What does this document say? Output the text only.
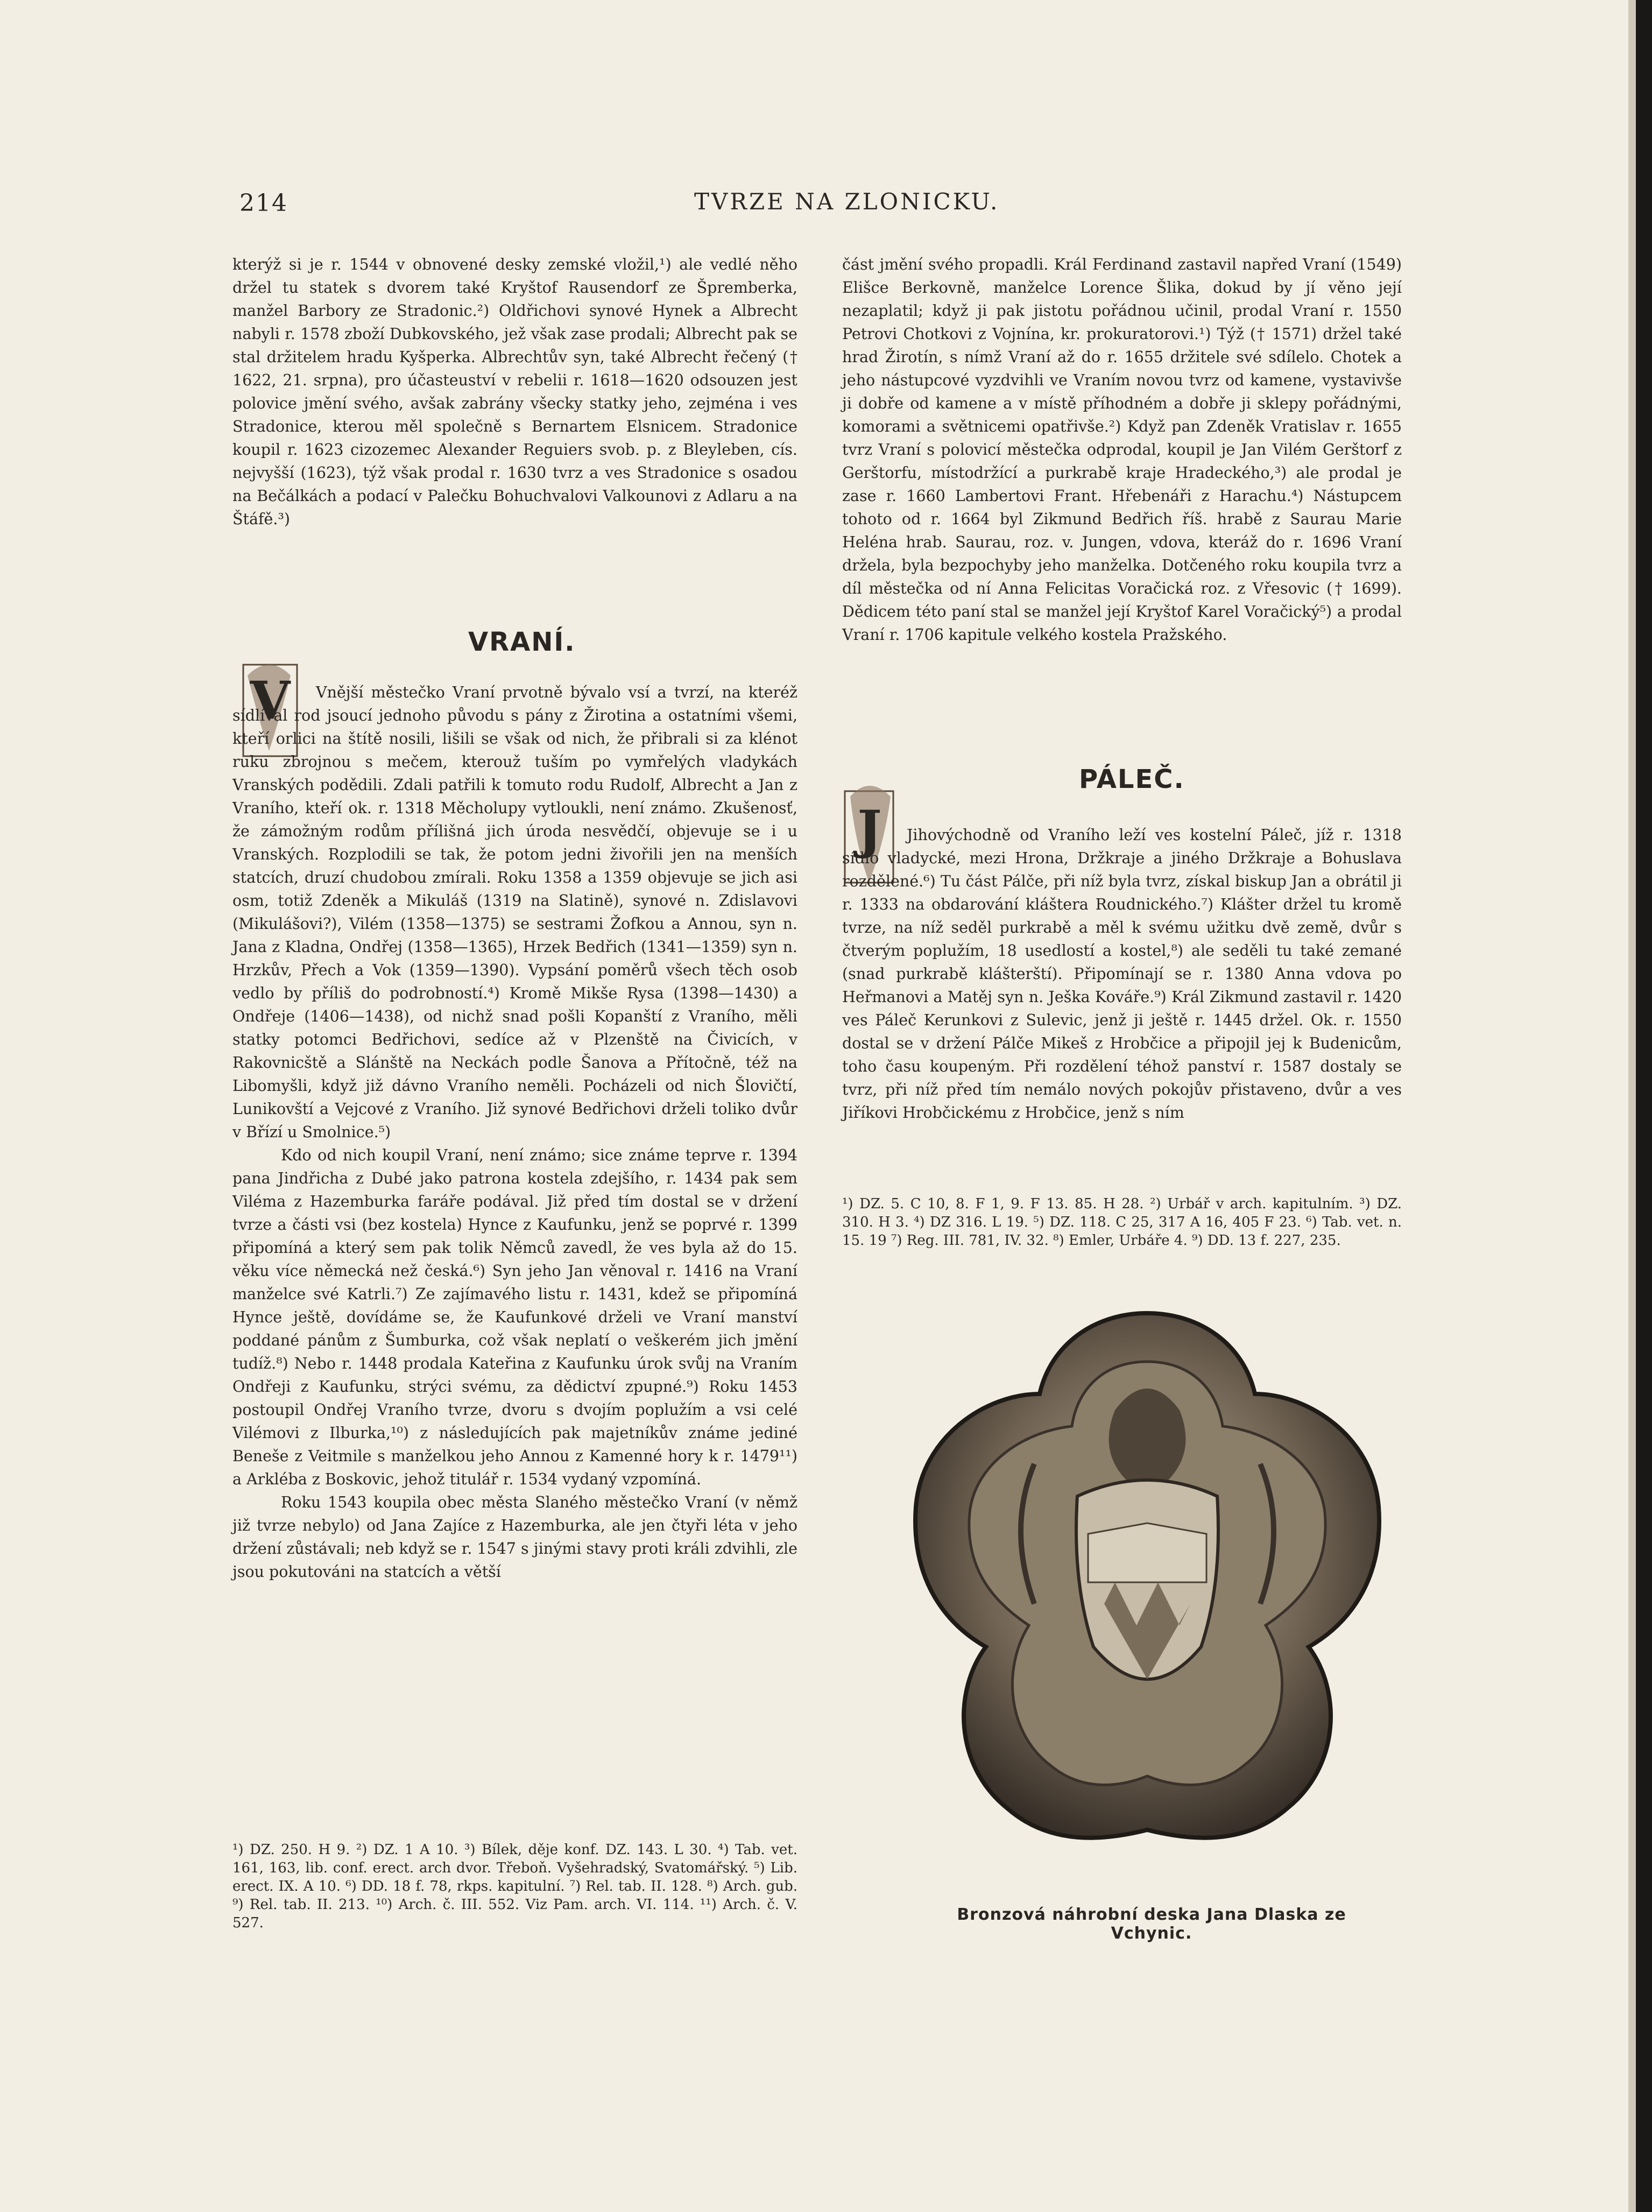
214	TVRZE NA ZLONICKU.

kterýž si je r. 1544 v obnovené desky zemské vložil,¹) ale vedlé něho držel tu statek s dvorem také Kryštof Rausendorf ze Špremberka, manžel Barbory ze Stradonic.²) Oldřichovi synové Hynek a Albrecht nabyli r. 1578 zboží Dubkovského, jež však zase prodali; Albrecht pak se stal držitelem hradu Kyšperka. Albrechtův syn, také Albrecht řečený († 1622, 21. srpna), pro účasteuství v rebelii r. 1618—1620 odsouzen jest polovice jmění svého, avšak zabrány všecky statky jeho, zejména i ves Stradonice, kterou měl společně s Bernartem Elsnicem. Stradonice koupil r. 1623 cizozemec Alexander Reguiers svob. p. z Bleyleben, cís. nejvyšší (1623), týž však prodal r. 1630 tvrz a ves Stradonice s osadou na Bečálkách a podací v Palečku Bohuchvalovi Valkounovi z Adlaru a na Štáfě.³)

VRANÍ.
V	Vnější městečko Vraní prvotně bývalo vsí a tvrzí, na kteréž sídlíval rod jsoucí jednoho původu s pány z Žirotina a ostatními všemi, kteří orlici na štítě nosili, lišili se však od nich, že přibrali si za klénot ruku zbrojnou s mečem, kterouž tuším po vymřelých vladykách Vranských podědili. Zdali patřili k tomuto rodu Rudolf, Albrecht a Jan z Vraního, kteří ok. r. 1318 Měcholupy vytloukli, není známo. Zkušenosť, že zámožným rodům přílišná jich úroda nesvědčí, objevuje se i u Vranských. Rozplodili se tak, že potom jedni živořili jen na menších statcích, druzí chudobou zmírali. Roku 1358 a 1359 objevuje se jich asi osm, totiž Zdeněk a Mikuláš (1319 na Slatině), synové n. Zdislavovi (Mikulášovi?), Vilém (1358—1375) se sestrami Žofkou a Annou, syn n. Jana z Kladna, Ondřej (1358—1365), Hrzek Bedřich (1341—1359) syn n. Hrzkův, Přech a Vok (1359—1390). Vypsání poměrů všech těch osob vedlo by příliš do podrobností.⁴) Kromě Mikše Rysa (1398—1430) a Ondřeje (1406—1438), od nichž snad pošli Kopanští z Vraního, měli statky potomci Bedřichovi, sedíce až v Plzenště na Čivicích, v Rakovnicště a Slánště na Neckách podle Šanova a Přítočně, též na Libomyšli, když již dávno Vraního neměli. Pocházeli od nich Šlovičtí, Lunikovští a Vejcové z Vraního. Již synové Bedřichovi drželi toliko dvůr v Břízí u Smolnice.⁵)

Kdo od nich koupil Vraní, není známo; sice známe teprve r. 1394 pana Jindřicha z Dubé jako patrona kostela zdejšího, r. 1434 pak sem Viléma z Hazemburka faráře podával. Již před tím dostal se v držení tvrze a části vsi (bez kostela) Hynce z Kaufunku, jenž se poprvé r. 1399 připomíná a který sem pak tolik Němců zavedl, že ves byla až do 15. věku více německá než česká.⁶) Syn jeho Jan věnoval r. 1416 na Vraní manželce své Katrli.⁷) Ze zajímavého listu r. 1431, kdež se připomíná Hynce ještě, dovídáme se, že Kaufunkové drželi ve Vraní manství poddané pánům z Šumburka, což však neplatí o veškerém jich jmění tudíž.⁸) Nebo r. 1448 prodala Kateřina z Kaufunku úrok svůj na Vraním Ondřeji z Kaufunku, strýci svému, za dědictví zpupné.⁹) Roku 1453 postoupil Ondřej Vraního tvrze, dvoru s dvojím poplužím a vsi celé Vilémovi z Ilburka,¹⁰) z následujících pak majetníkův známe jediné Beneše z Veitmile s manželkou jeho Annou z Kamenné hory k r. 1479¹¹) a Arkléba z Boskovic, jehož titulář r. 1534 vydaný vzpomíná.

Roku 1543 koupila obec města Slaného městečko Vraní (v němž již tvrze nebylo) od Jana Zajíce z Hazemburka, ale jen čtyři léta v jeho držení zůstávali; neb když se r. 1547 s jinými stavy proti králi zdvihli, zle jsou pokutováni na statcích a větší

¹) DZ. 250. H 9. ²) DZ. 1 A 10. ³) Bílek, děje konf. DZ. 143. L 30. ⁴) Tab. vet. 161, 163, lib. conf. erect. arch dvor. Třeboň. Vyšehradský, Svatomářský. ⁵) Lib. erect. IX. A 10. ⁶) DD. 18 f. 78, rkps. kapitulní. ⁷) Rel. tab. II. 128. ⁸) Arch. gub. ⁹) Rel. tab. II. 213. ¹⁰) Arch. č. III. 552. Viz Pam. arch. VI. 114. ¹¹) Arch. č. V. 527.

část jmění svého propadli. Král Ferdinand zastavil napřed Vraní (1549) Elišce Berkovně, manželce Lorence Šlika, dokud by jí věno její nezaplatil; když ji pak jistotu pořádnou učinil, prodal Vraní r. 1550 Petrovi Chotkovi z Vojnína, kr. prokuratorovi.¹) Týž († 1571) držel také hrad Žirotín, s nímž Vraní až do r. 1655 držitele své sdílelo. Chotek a jeho nástupcové vyzdvihli ve Vraním novou tvrz od kamene, vystavivše ji dobře od kamene a v místě příhodném a dobře ji sklepy pořádnými, komorami a světnicemi opatřivše.²) Když pan Zdeněk Vratislav r. 1655 tvrz Vraní s polovicí městečka odprodal, koupil je Jan Vilém Gerštorf z Gerštorfu, místodržící a purkrabě kraje Hradeckého,³) ale prodal je zase r. 1660 Lambertovi Frant. Hřebenáři z Harachu.⁴) Nástupcem tohoto od r. 1664 byl Zikmund Bedřich říš. hrabě z Saurau Marie Heléna hrab. Saurau, roz. v. Jungen, vdova, kteráž do r. 1696 Vraní držela, byla bezpochyby jeho manželka. Dotčeného roku koupila tvrz a díl městečka od ní Anna Felicitas Voračická roz. z Vřesovic († 1699). Dědicem této paní stal se manžel její Kryštof Karel Voračický⁵) a prodal Vraní r. 1706 kapitule velkého kostela Pražského.

PÁLEČ.
J	Jihovýchodně od Vraního leží ves kostelní Páleč, jíž r. 1318 sídlo vladycké, mezi Hrona, Držkraje a jiného Držkraje a Bohuslava rozdělené.⁶) Tu část Pálče, při níž byla tvrz, získal biskup Jan a obrátil ji r. 1333 na obdarování kláštera Roudnického.⁷) Klášter držel tu kromě tvrze, na níž seděl purkrabě a měl k svému užitku dvě země, dvůr s čtverým poplužím, 18 usedlostí a kostel,⁸) ale seděli tu také zemané (snad purkrabě klášterští). Připomínají se r. 1380 Anna vdova po Heřmanovi a Matěj syn n. Ješka Kováře.⁹) Král Zikmund zastavil r. 1420 ves Páleč Kerunkovi z Sulevic, jenž ji ještě r. 1445 držel. Ok. r. 1550 dostal se v držení Pálče Mikeš z Hrobčice a připojil jej k Budenicům, toho času koupeným. Při rozdělení téhož panství r. 1587 dostaly se tvrz, při níž před tím nemálo nových pokojův přistaveno, dvůr a ves Jiříkovi Hrobčickému z Hrobčice, jenž s ním

¹) DZ. 5. C 10, 8. F 1, 9. F 13. 85. H 28. ²) Urbář v arch. kapitulním. ³) DZ. 310. H 3. ⁴) DZ 316. L 19. ⁵) DZ. 118. C 25, 317 A 16, 405 F 23. ⁶) Tab. vet. n. 15. 19 ⁷) Reg. III. 781, IV. 32. ⁸) Emler, Urbáře 4. ⁹) DD. 13 f. 227, 235.
Bronzová náhrobní deska Jana Dlaska ze Vchynic.
